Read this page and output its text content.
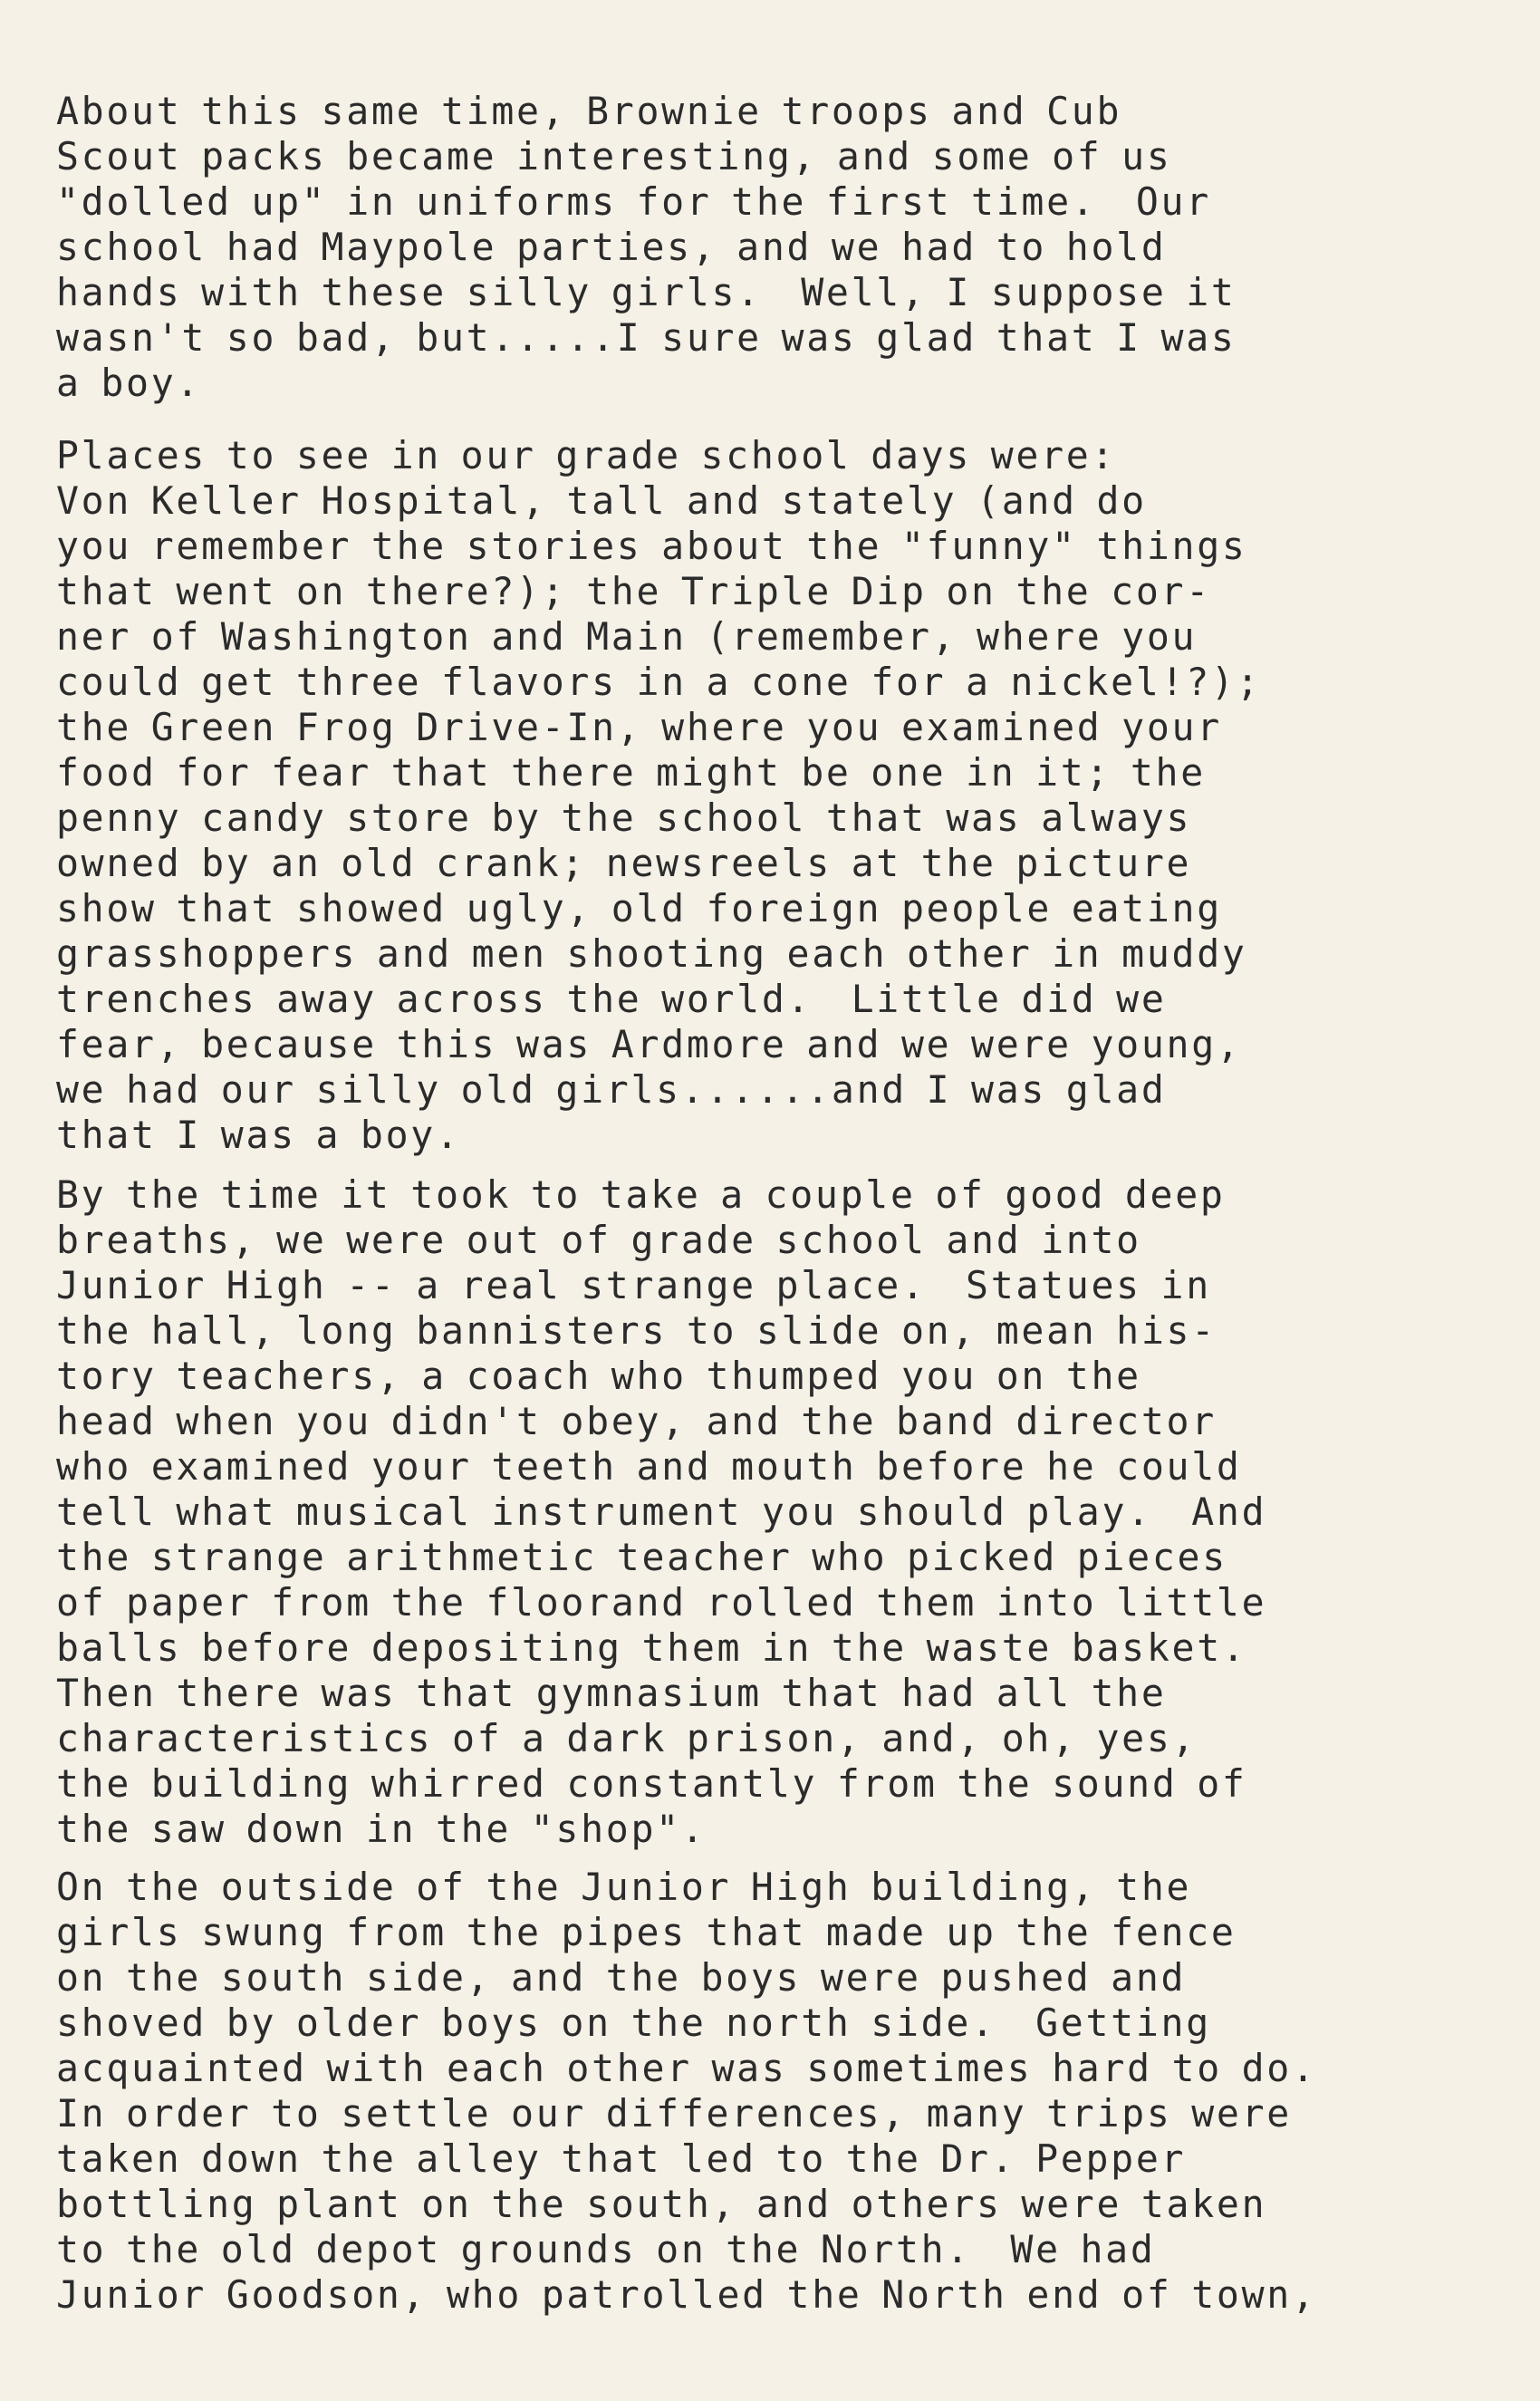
About this same time, Brownie troops and Cub
Scout packs became interesting, and some of us
"dolled up" in uniforms for the first time.  Our
school had Maypole parties, and we had to hold
hands with these silly girls.  Well, I suppose it
wasn't so bad, but.....I sure was glad that I was
a boy.
Places to see in our grade school days were:
Von Keller Hospital, tall and stately (and do
you remember the stories about the "funny" things
that went on there?); the Triple Dip on the cor-
ner of Washington and Main (remember, where you
could get three flavors in a cone for a nickel!?);
the Green Frog Drive-In, where you examined your
food for fear that there might be one in it; the
penny candy store by the school that was always
owned by an old crank; newsreels at the picture
show that showed ugly, old foreign people eating
grasshoppers and men shooting each other in muddy
trenches away across the world.  Little did we
fear, because this was Ardmore and we were young,
we had our silly old girls......and I was glad
that I was a boy.
By the time it took to take a couple of good deep
breaths, we were out of grade school and into
Junior High -- a real strange place.  Statues in
the hall, long bannisters to slide on, mean his-
tory teachers, a coach who thumped you on the
head when you didn't obey, and the band director
who examined your teeth and mouth before he could
tell what musical instrument you should play.  And
the strange arithmetic teacher who picked pieces
of paper from the floorand rolled them into little
balls before depositing them in the waste basket.
Then there was that gymnasium that had all the
characteristics of a dark prison, and, oh, yes,
the building whirred constantly from the sound of
the saw down in the "shop".
On the outside of the Junior High building, the
girls swung from the pipes that made up the fence
on the south side, and the boys were pushed and
shoved by older boys on the north side.  Getting
acquainted with each other was sometimes hard to do.
In order to settle our differences, many trips were
taken down the alley that led to the Dr. Pepper
bottling plant on the south, and others were taken
to the old depot grounds on the North.  We had
Junior Goodson, who patrolled the North end of town,
